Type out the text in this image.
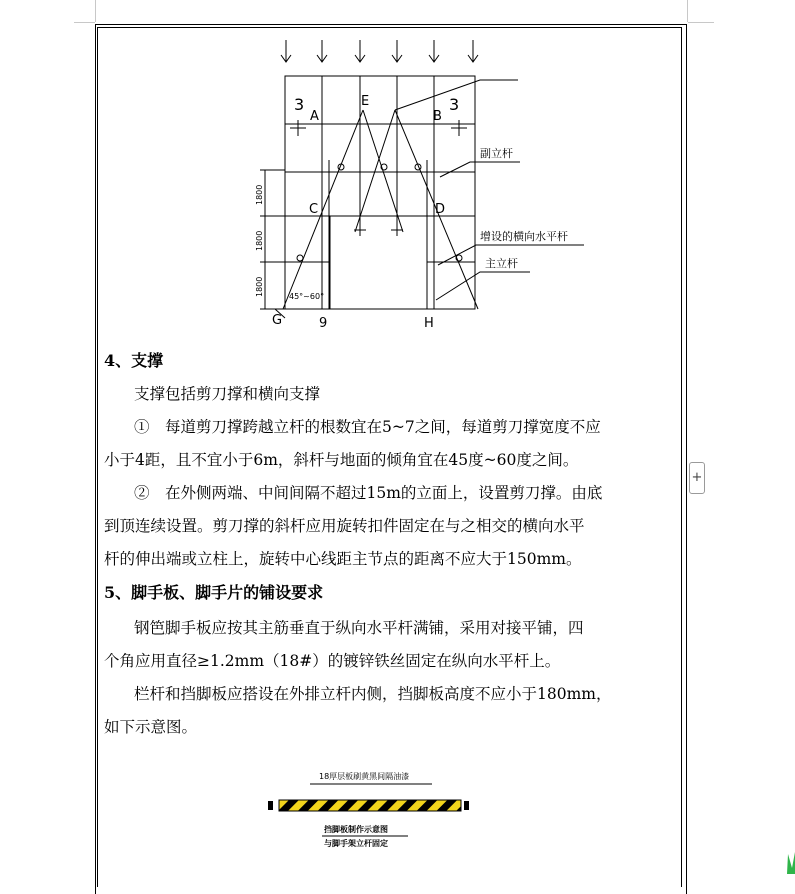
A
E
B
C	D
G	9	H
3	3
1800
1800
1800	45°~60°
副立杆
增设的横向水平杆
主立杆
4、支撑
支撑包括剪刀撑和横向支撑
①　每道剪刀撑跨越立杆的根数宜在5~7之间，每道剪刀撑宽度不应
小于4距，且不宜小于6m，斜杆与地面的倾角宜在45度~60度之间。
②　在外侧两端、中间间隔不超过15m的立面上，设置剪刀撑。由底
到顶连续设置。剪刀撑的斜杆应用旋转扣件固定在与之相交的横向水平
杆的伸出端或立柱上，旋转中心线距主节点的距离不应大于150mm。
5、脚手板、脚手片的铺设要求
钢笆脚手板应按其主筋垂直于纵向水平杆满铺，采用对接平铺，四
个角应用直径≥1.2mm（18#）的镀锌铁丝固定在纵向水平杆上。
栏杆和挡脚板应搭设在外排立杆内侧，挡脚板高度不应小于180mm，
如下示意图。
18厚层板刷黄黑间隔油漆
挡脚板制作示意图
与脚手架立杆固定
+
